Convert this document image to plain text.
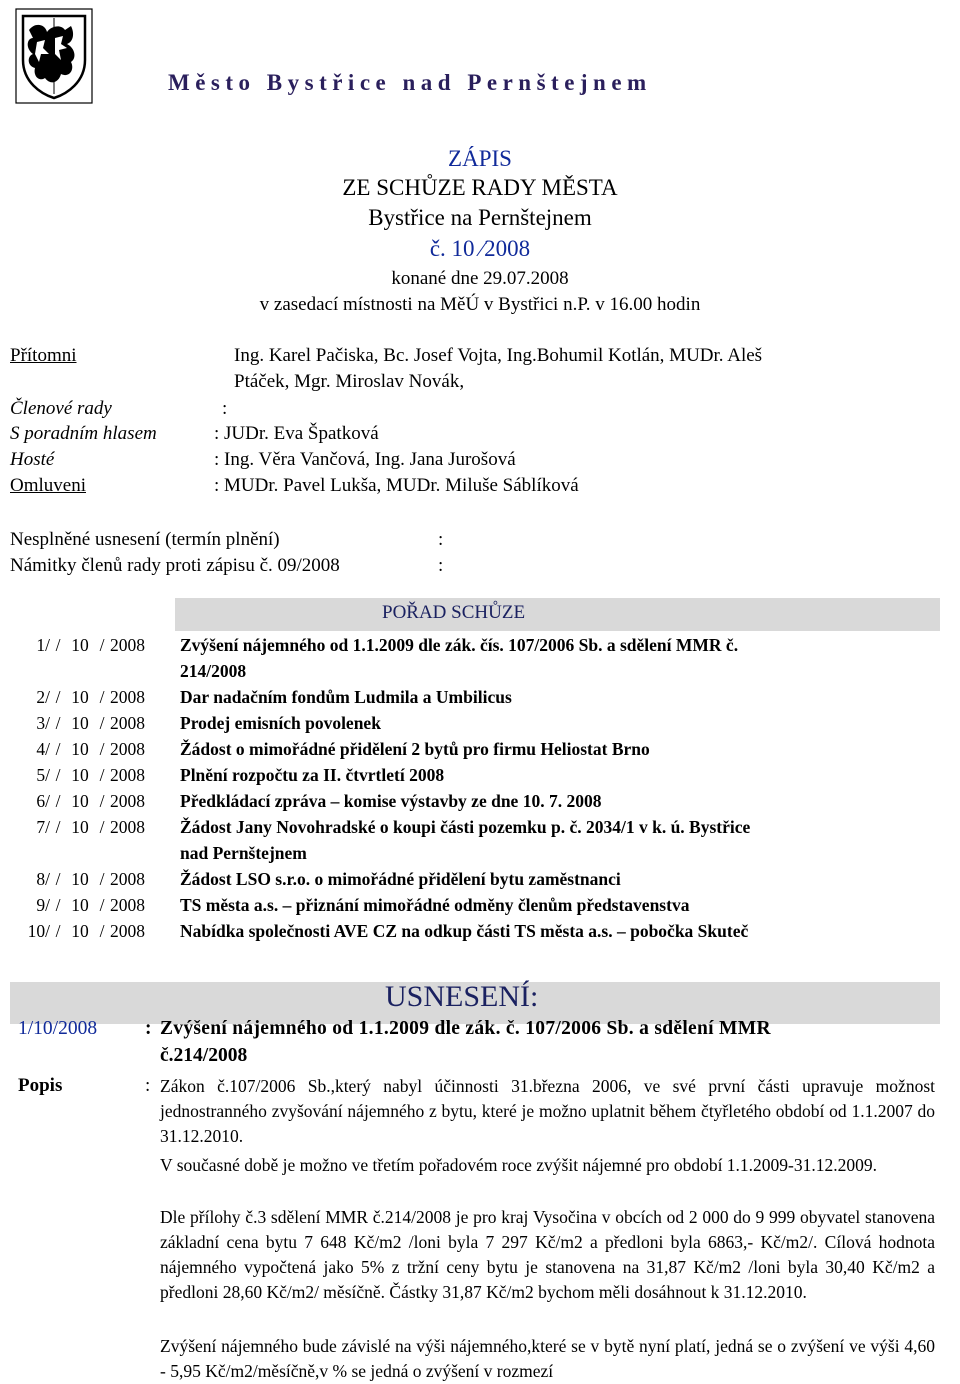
Město Bystřice nad Pernštejnem
ZÁPIS
ZE SCHŮZE RADY MĚSTA
Bystřice na Pernštejnem
č. 10 ⁄2008
konané dne 29.07.2008
v zasedací místnosti na MěÚ v Bystřici n.P. v 16.00 hodin
Přítomni	Ing. Karel Pačiska, Bc. Josef Vojta, Ing.Bohumil Kotlán, MUDr. Aleš
Ptáček, Mgr. Miroslav Novák,
Členové rady	:
S poradním hlasem	: JUDr. Eva Špatková
Hosté	: Ing. Věra Vančová, Ing. Jana Jurošová
Omluveni	: MUDr. Pavel Lukša, MUDr. Miluše Sáblíková
Nesplněné usnesení (termín plnění)	:
Námitky členů rady proti zápisu č. 09/2008	:
POŘAD SCHŮZE
1/	/	10	/	2008	Zvýšení nájemného od 1.1.2009 dle zák. čís. 107/2006 Sb. a sdělení MMR č.
214/2008

2/	/	10	/	2008	Dar nadačním fondům Ludmila a Umbilicus

3/	/	10	/	2008	Prodej emisních povolenek

4/	/	10	/	2008	Žádost o mimořádné přidělení 2 bytů pro firmu Heliostat Brno

5/	/	10	/	2008	Plnění rozpočtu za II. čtvrtletí 2008

6/	/	10	/	2008	Předkládací zpráva – komise výstavby ze dne 10. 7. 2008

7/	/	10	/	2008	Žádost Jany Novohradské o koupi části pozemku p. č. 2034/1 v k. ú. Bystřice
nad Pernštejnem

8/	/	10	/	2008	Žádost LSO s.r.o. o mimořádné přidělení bytu zaměstnanci

9/	/	10	/	2008	TS města a.s. – přiznání mimořádné odměny členům představenstva

10/	/	10	/	2008	Nabídka společnosti AVE CZ na odkup části TS města a.s. – pobočka Skuteč
USNESENÍ:
1/10/2008 : Zvýšení nájemného od 1.1.2009 dle zák. č. 107/2006 Sb. a sdělení MMR
č.214/2008
Popis	: Zákon č.107/2006 Sb.,který nabyl účinnosti 31.března 2006, ve své první části upravuje možnost jednostranného zvyšování nájemného z bytu, které je možno uplatnit během čtyřletého období od 1.1.2007 do 31.12.2010.
V současné době je možno ve třetím pořadovém roce zvýšit nájemné pro období 1.1.2009-31.12.2009.
Dle přílohy č.3 sdělení MMR č.214/2008 je pro kraj Vysočina v obcích od 2 000 do 9 999 obyvatel stanovena základní cena bytu 7 648 Kč/m2 /loni byla 7 297 Kč/m2 a předloni byla 6863,- Kč/m2/. Cílová hodnota nájemného vypočtená jako 5% z tržní ceny bytu je stanovena na 31,87 Kč/m2 /loni byla 30,40 Kč/m2 a předloni 28,60 Kč/m2/ měsíčně. Částky 31,87 Kč/m2 bychom měli dosáhnout k 31.12.2010.
Zvýšení nájemného bude závislé na výši nájemného,které se v bytě nyní platí, jedná se o zvýšení ve výši 4,60 - 5,95 Kč/m2/měsíčně,v % se jedná o zvýšení v rozmezí
